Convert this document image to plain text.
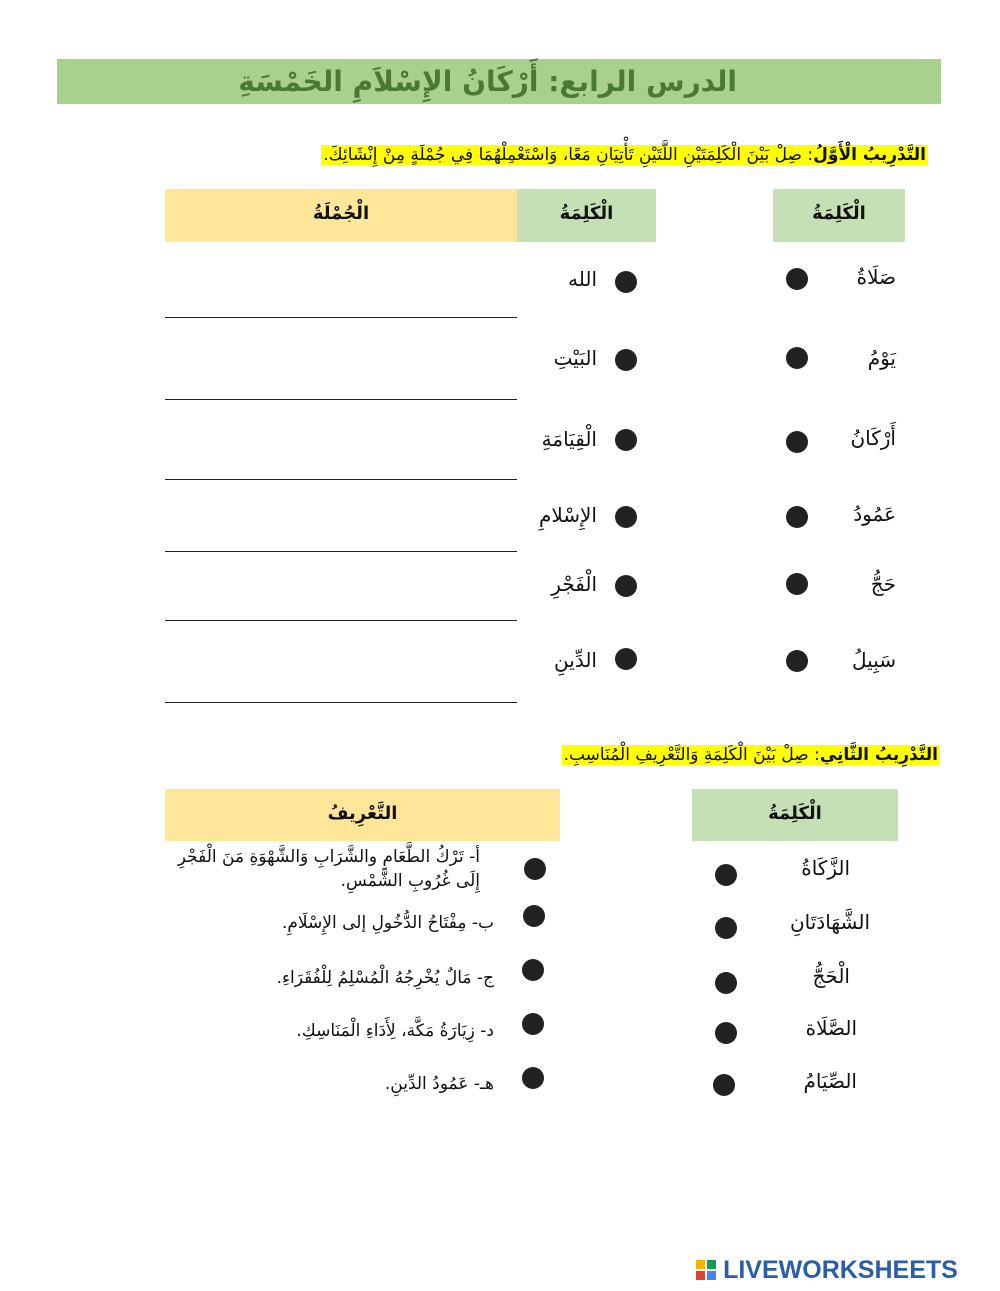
الدرس الرابع: أَرْكَانُ الإِسْلاَمِ الخَمْسَةِ
التَّدْرِيبُ الْأَوَّلُ: صِلْ بَيْنَ الْكَلِمَتَيْنِ اللَّتَيْنِ تَأْتِيَانِ مَعًا، وَاسْتَعْمِلْهُمَا فِي جُمْلَةٍ مِنْ إِنْشَائِكَ.
الْكَلِمَةُ
الْكَلِمَةُ
الْجُمْلَةُ
صَلَاةُ
يَوْمُ
أَرْكَانُ
عَمُودُ
حَجُّ
سَبِيلُ
الله
البَيْتِ
الْقِيَامَةِ
الإِسْلامِ
الْفَجْرِ
الدِّينِ
التَّدْرِيبُ الثَّانِي: صِلْ بَيْنَ الْكَلِمَةِ وَالتَّعْرِيفِ الْمُنَاسِبِ.
الْكَلِمَةُ
التَّعْرِيفُ
الزَّكَاةُ
الشَّهَادَتَانِ
الْحَجُّ
الصَّلَاة
الصِّيَامُ
أ- تَرْكُ الطَّعَامِ والشَّرَابِ وَالشَّهْوَةِ مَنَ الْفَجْرِ إِلَى غُرُوبِ الشَّمْسِ.
ب- مِفْتَاحُ الدُّخُولِ إلى الإِسْلَامِ.
ج- مَالٌ يُخْرِجُهُ الْمُسْلِمُ لِلْفُقَرَاءِ.
د- زِيَارَةُ مَكَّة، لِأَدَاءِ الْمَنَاسِكِ.
هـ- عَمُودُ الدِّينِ.
LIVEWORKSHEETS
